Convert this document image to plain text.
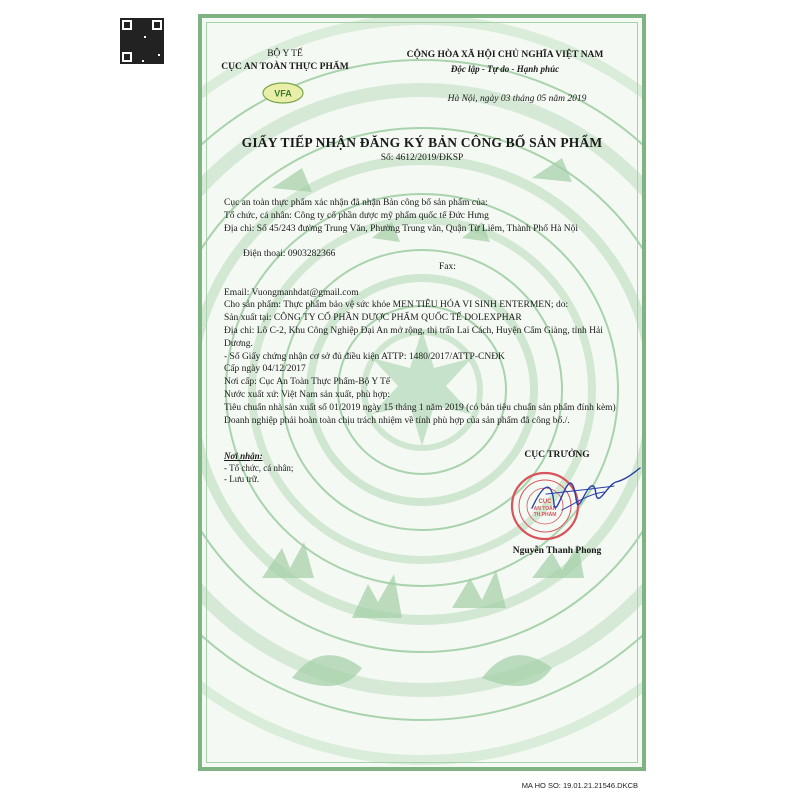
BỘ Y TẾ
CỤC AN TOÀN THỰC PHẨM
VFA
CỘNG HÒA XÃ HỘI CHỦ NGHĨA VIỆT NAM
Độc lập - Tự do - Hạnh phúc
Hà Nội, ngày 03 tháng 05 năm 2019
GIẤY TIẾP NHẬN ĐĂNG KÝ BẢN CÔNG BỐ SẢN PHẨM
Số: 4612/2019/ĐKSP
Cục an toàn thực phẩm xác nhận đã nhận Bản công bố sản phẩm của:
Tổ chức, cá nhân: Công ty cổ phần dược mỹ phẩm quốc tế Đức Hưng
Địa chỉ: Số 45/243 đường Trung Văn, Phường Trung văn, Quận Từ Liêm, Thành Phố Hà Nội

Điện thoại: 0903282366

Fax:

Email: Vuongmanhdat@gmail.com
Cho sản phẩm: Thực phẩm bảo vệ sức khỏe MEN TIÊU HÓA VI SINH ENTERMEN; do:
Sản xuất tại: CÔNG TY CỔ PHẦN DƯỢC PHẨM QUỐC TẾ DOLEXPHAR
Địa chỉ: Lô C-2, Khu Công Nghiệp Đại An mở rộng, thị trấn Lai Cách, Huyện Cẩm Giàng, tỉnh Hải Dương.
- Số Giấy chứng nhận cơ sở đủ điều kiện ATTP: 1480/2017/ATTP-CNĐK
Cấp ngày 04/12/2017
Nơi cấp: Cục An Toàn Thực Phẩm-Bộ Y Tế
Nước xuất xứ: Việt Nam sản xuất, phù hợp:
Tiêu chuẩn nhà sản xuất số 01/2019 ngày 15 tháng 1 năm 2019 (có bản tiêu chuẩn sản phẩm đính kèm)
Doanh nghiệp phải hoàn toàn chịu trách nhiệm về tính phù hợp của sản phẩm đã công bố./.
Nơi nhận:
- Tổ chức, cá nhân;
- Lưu trữ.
CỤC TRƯỞNG
CỤC
AN TOÀN
TH.PHẨM
Nguyễn Thanh Phong
MA HO SO: 19.01.21.21546.DKCB
